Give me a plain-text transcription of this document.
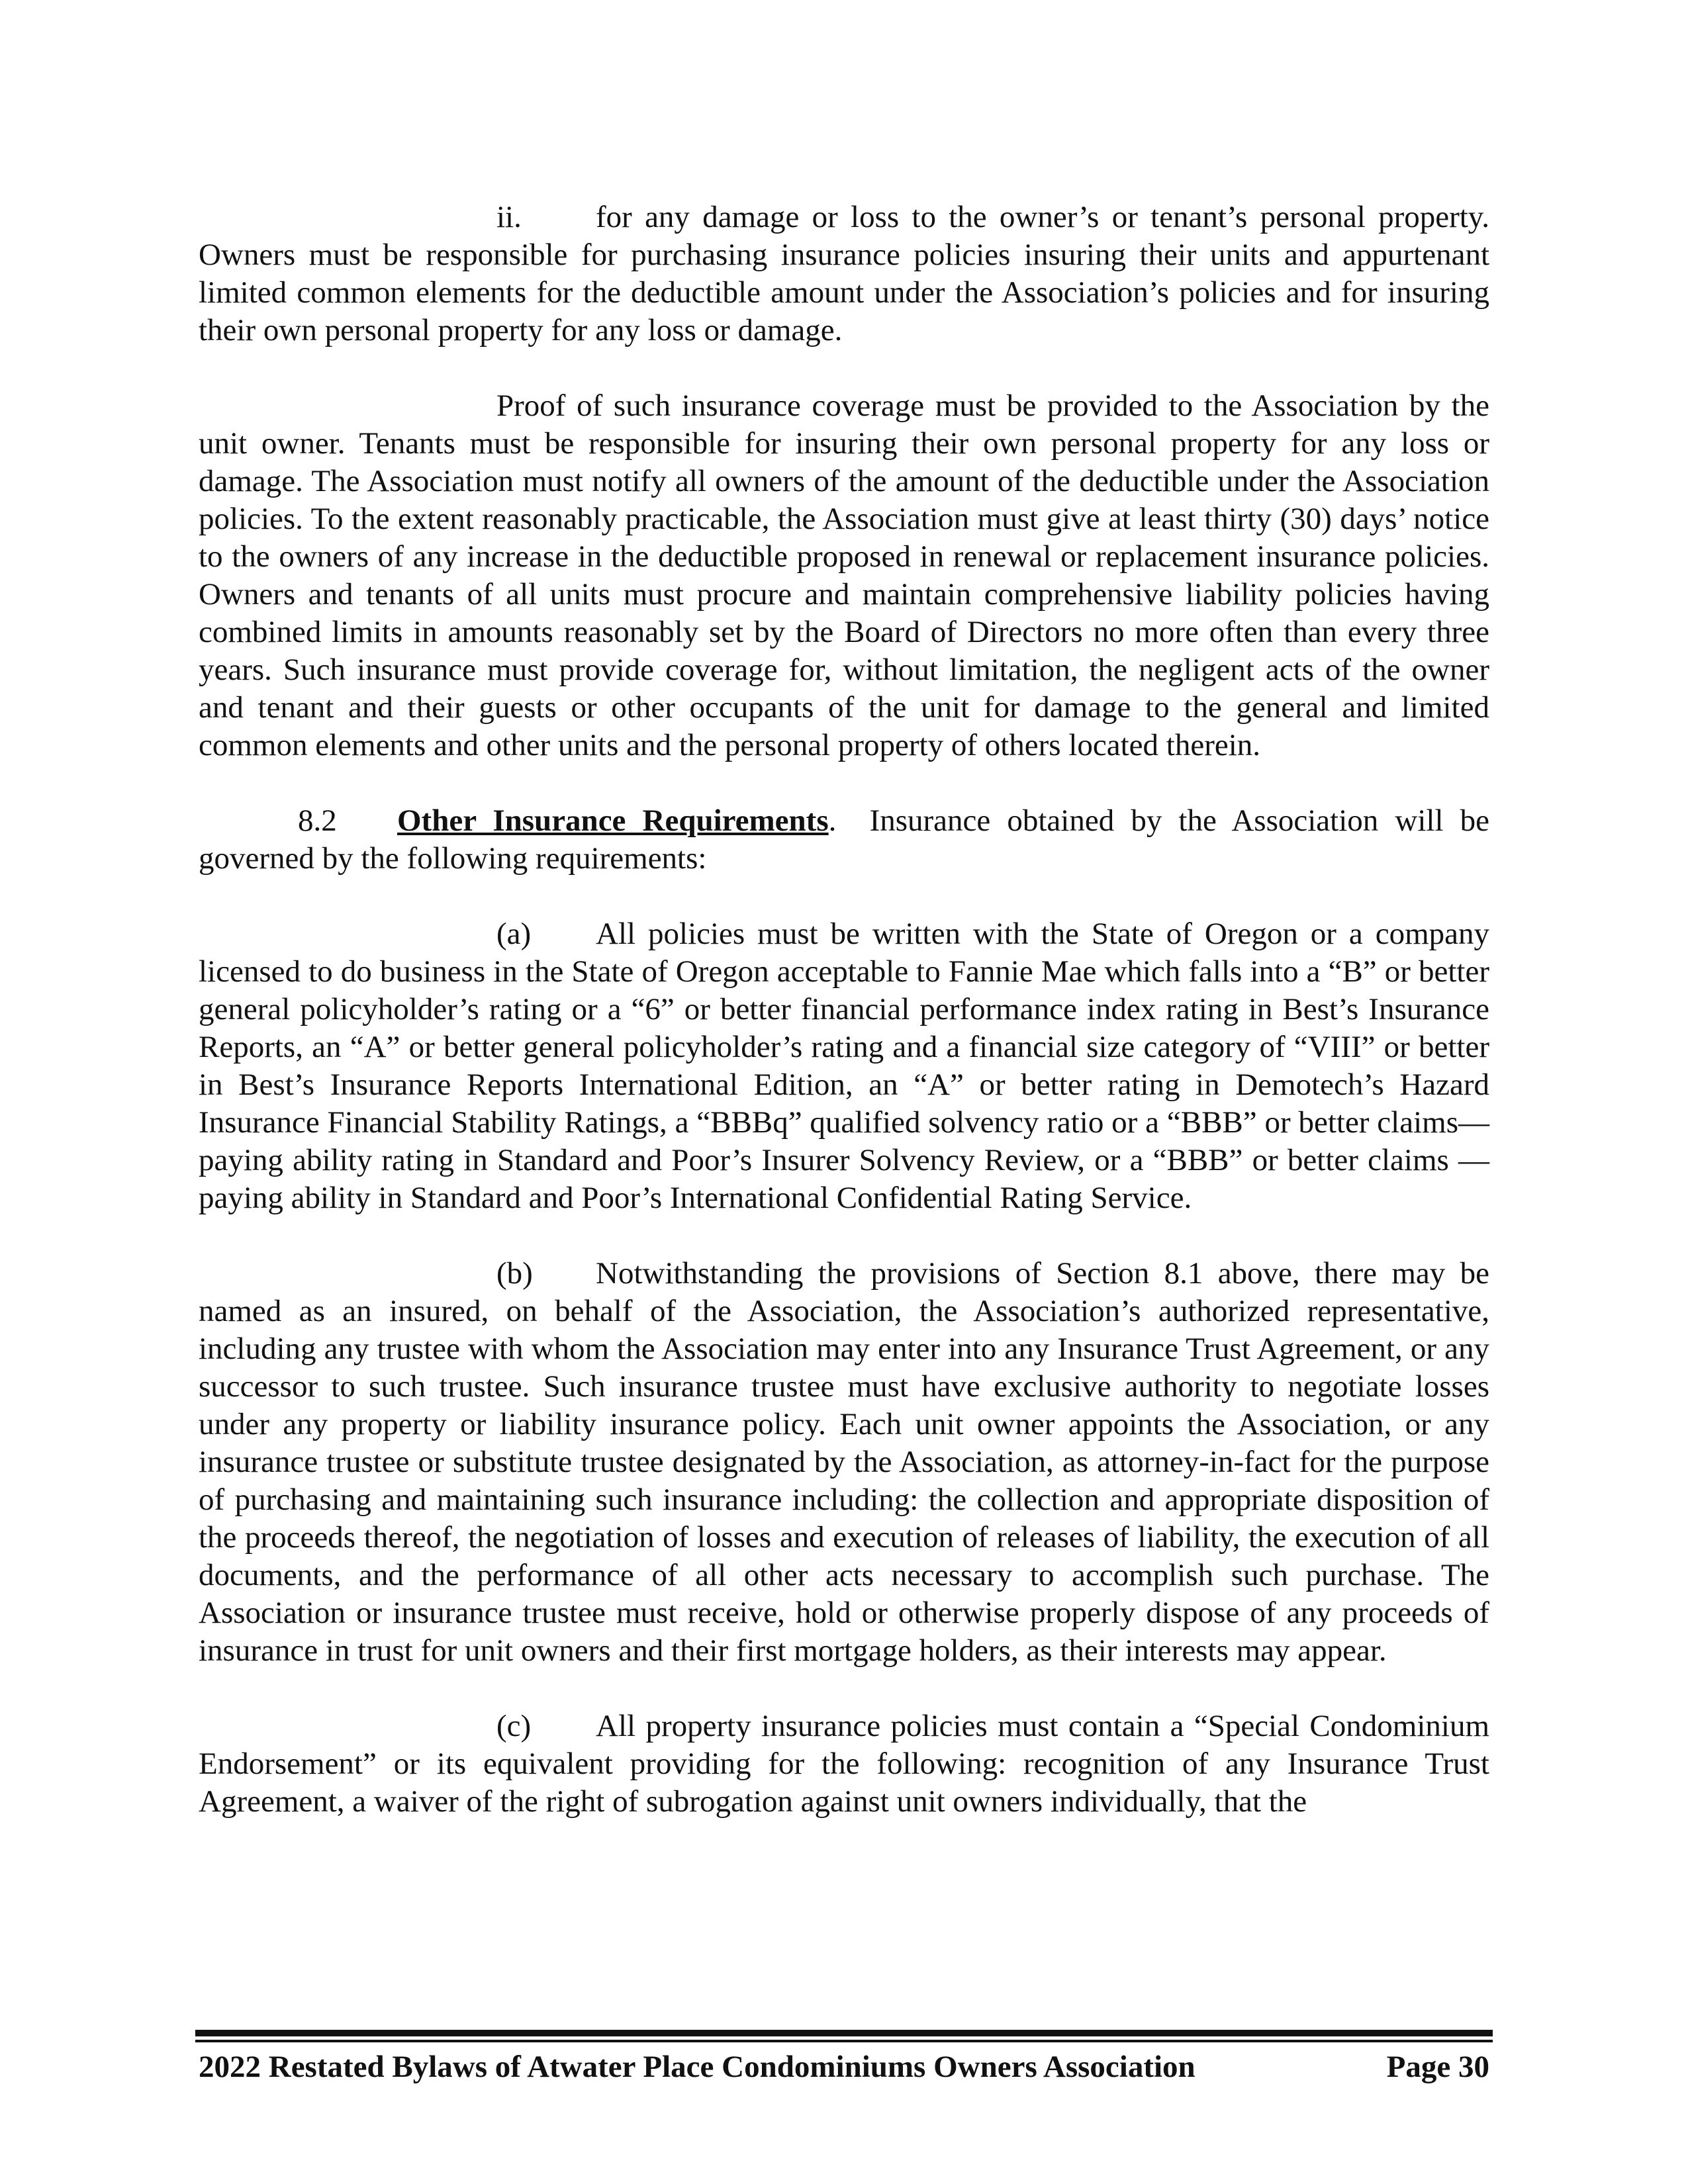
ii. for any damage or loss to the owner’s or tenant’s personal property. Owners must be responsible for purchasing insurance policies insuring their units and appurtenant limited common elements for the deductible amount under the Association’s policies and for insuring their own personal property for any loss or damage.

Proof of such insurance coverage must be provided to the Association by the unit owner. Tenants must be responsible for insuring their own personal property for any loss or damage. The Association must notify all owners of the amount of the deductible under the Association policies. To the extent reasonably practicable, the Association must give at least thirty (30) days’ notice to the owners of any increase in the deductible proposed in renewal or replacement insurance policies. Owners and tenants of all units must procure and maintain comprehensive liability policies having combined limits in amounts reasonably set by the Board of Directors no more often than every three years. Such insurance must provide coverage for, without limitation, the negligent acts of the owner and tenant and their guests or other occupants of the unit for damage to the general and limited common elements and other units and the personal property of others located therein.

8.2 Other Insurance Requirements. Insurance obtained by the Association will be governed by the following requirements:

(a) All policies must be written with the State of Oregon or a company licensed to do business in the State of Oregon acceptable to Fannie Mae which falls into a “B” or better general policyholder’s rating or a “6” or better financial performance index rating in Best’s Insurance Reports, an “A” or better general policyholder’s rating and a financial size category of “VIII” or better in Best’s Insurance Reports International Edition, an “A” or better rating in Demotech’s Hazard Insurance Financial Stability Ratings, a “BBBq” qualified solvency ratio or a “BBB” or better claims—paying ability rating in Standard and Poor’s Insurer Solvency Review, or a “BBB” or better claims — paying ability in Standard and Poor’s International Confidential Rating Service.

(b) Notwithstanding the provisions of Section 8.1 above, there may be named as an insured, on behalf of the Association, the Association’s authorized representative, including any trustee with whom the Association may enter into any Insurance Trust Agreement, or any successor to such trustee. Such insurance trustee must have exclusive authority to negotiate losses under any property or liability insurance policy. Each unit owner appoints the Association, or any insurance trustee or substitute trustee designated by the Association, as attorney-in-fact for the purpose of purchasing and maintaining such insurance including: the collection and appropriate disposition of the proceeds thereof, the negotiation of losses and execution of releases of liability, the execution of all documents, and the performance of all other acts necessary to accomplish such purchase. The Association or insurance trustee must receive, hold or otherwise properly dispose of any proceeds of insurance in trust for unit owners and their first mortgage holders, as their interests may appear.

(c) All property insurance policies must contain a “Special Condominium Endorsement” or its equivalent providing for the following: recognition of any Insurance Trust Agreement, a waiver of the right of subrogation against unit owners individually, that the

2022 Restated Bylaws of Atwater Place Condominiums Owners Association	Page 30
